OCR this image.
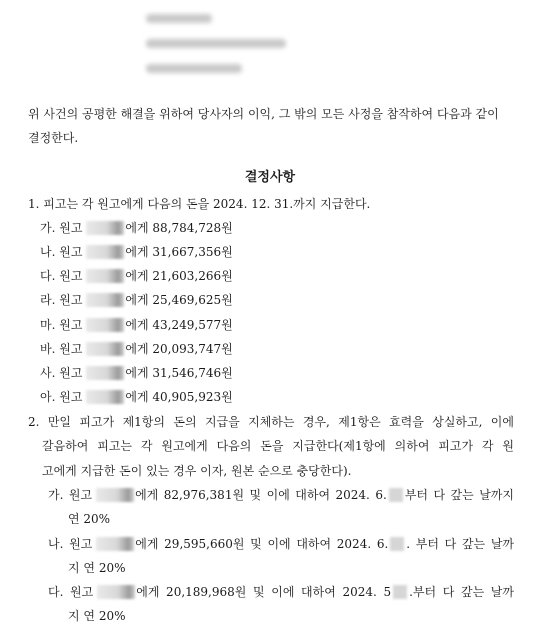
위 사건의 공평한 해결을 위하여 당사자의 이익, 그 밖의 모든 사정을 참작하여 다음과 같이 결정한다.
결정사항
1. 피고는 각 원고에게 다음의 돈을 2024. 12. 31.까지 지급한다.
가. 원고	에게 88,784,728원
나. 원고	에게 31,667,356원
다. 원고	에게 21,603,266원
라. 원고	에게 25,469,625원
마. 원고	에게 43,249,577원
바. 원고	에게 20,093,747원
사. 원고	에게 31,546,746원
아. 원고	에게 40,905,923원
2. 만일 피고가 제1항의 돈의 지급을 지체하는 경우, 제1항은 효력을 상실하고, 이에
갈음하여 피고는 각 원고에게 다음의 돈을 지급한다(제1항에 의하여 피고가 각 원
고에게 지급한 돈이 있는 경우 이자, 원본 순으로 충당한다).
가. 원고	에게 82,976,381원 및 이에 대하여 2024. 6. 부터 다 갚는 날까지
연 20%
나. 원고	에게 29,595,660원 및 이에 대하여 2024. 6. . 부터 다 갚는 날까
지 연 20%
다. 원고	에게 20,189,968원 및 이에 대하여 2024. 5 .부터 다 갚는 날까
지 연 20%
